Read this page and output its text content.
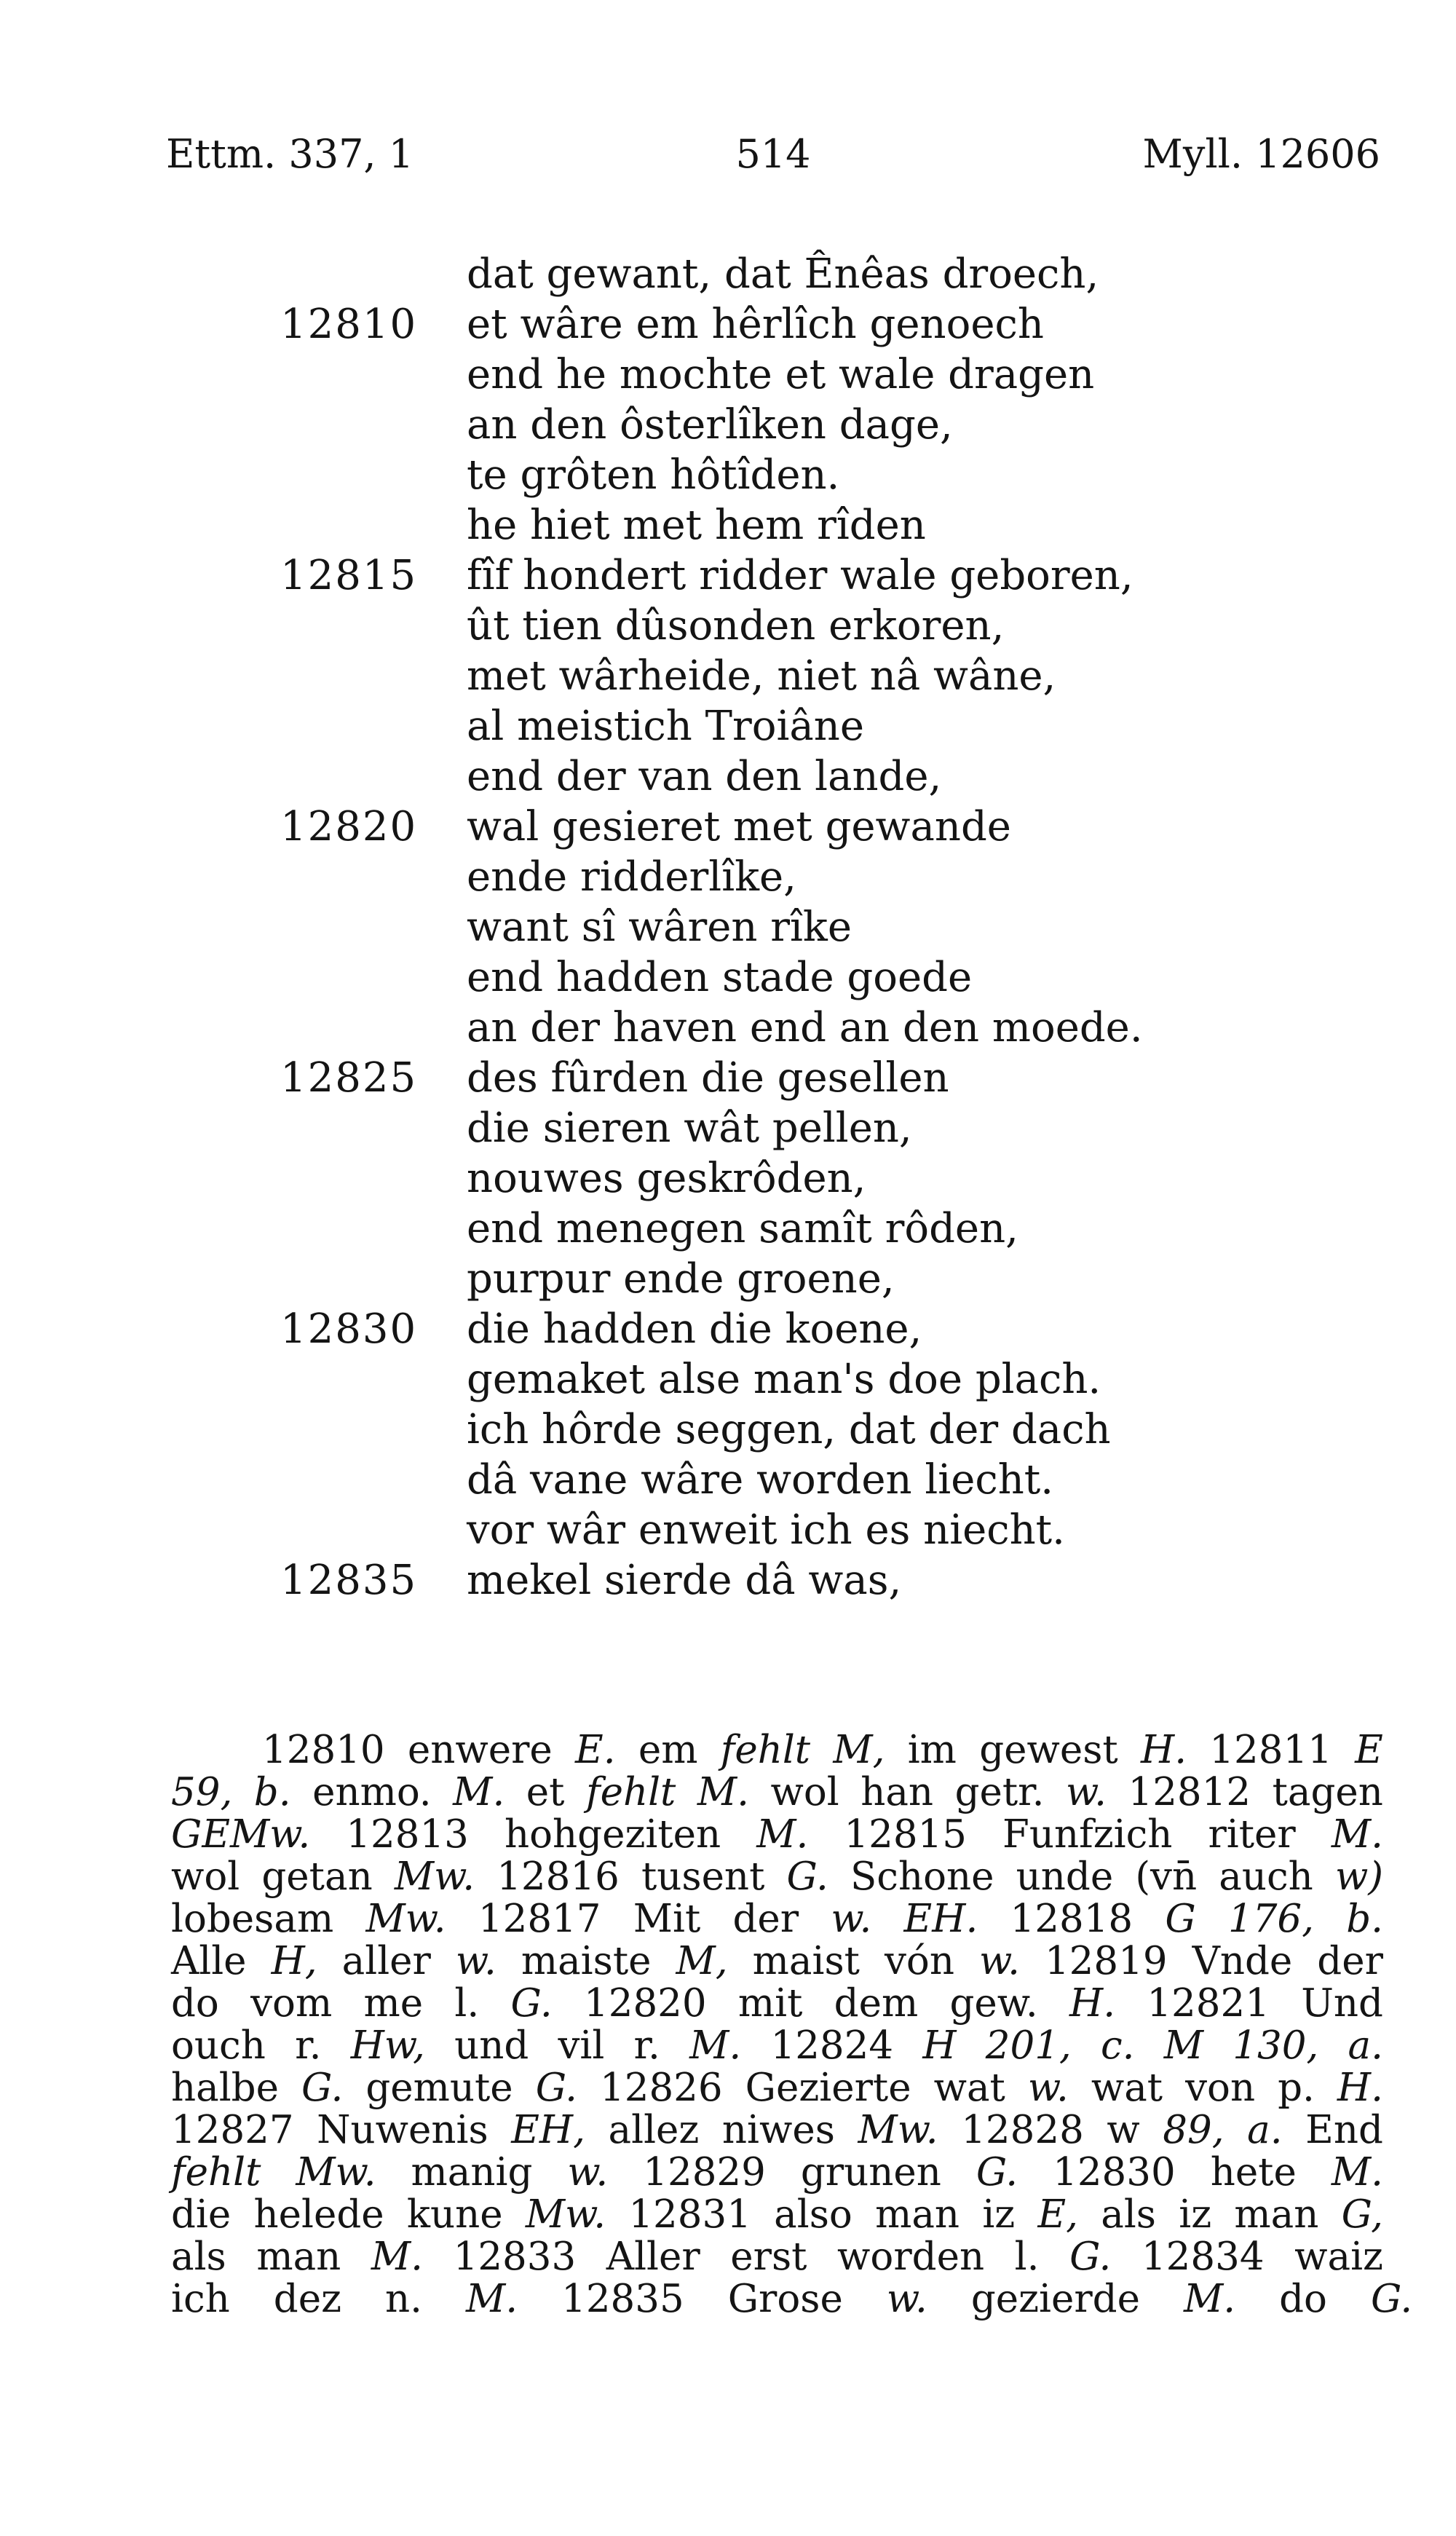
Ettm. 337, 1	514	Myll. 12606
dat gewant, dat Ênêas droech,
12810 et wâre em hêrlîch genoech
end he mochte et wale dragen
an den ôsterlîken dage,
te grôten hôtîden.
he hiet met hem rîden
12815 fîf hondert ridder wale geboren,
ût tien dûsonden erkoren,
met wârheide, niet nâ wâne,
al meistich Troiâne
end der van den lande,
12820 wal gesieret met gewande
ende ridderlîke,
want sî wâren rîke
end hadden stade goede
an der haven end an den moede.
12825 des fûrden die gesellen
die sieren wât pellen,
nouwes geskrôden,
end menegen samît rôden,
purpur ende groene,
12830 die hadden die koene,
gemaket alse man's doe plach.
ich hôrde seggen, dat der dach
dâ vane wâre worden liecht.
vor wâr enweit ich es niecht.
12835 mekel sierde dâ was,
12810 enwere E. em fehlt M, im gewest H. 12811 E
59, b. enmo. M. et fehlt M. wol han getr. w. 12812 tagen
GEMw. 12813 hohgeziten M. 12815 Funfzich riter M.
wol getan Mw. 12816 tusent G. Schone unde (vn̄ auch w)
lobesam Mw. 12817 Mit der w. EH. 12818 G 176, b.
Alle H, aller w. maiste M, maist vón w. 12819 Vnde der
do vom me l. G. 12820 mit dem gew. H. 12821 Und
ouch r. Hw, und vil r. M. 12824 H 201, c. M 130, a.
halbe G. gemute G. 12826 Gezierte wat w. wat von p. H.
12827 Nuwenis EH, allez niwes Mw. 12828 w 89, a. End
fehlt Mw. manig w. 12829 grunen G. 12830 hete M.
die helede kune Mw. 12831 also man iz E, als iz man G,
als man M. 12833 Aller erst worden l. G. 12834 waiz
ich dez n. M. 12835 Grose w. gezierde M. do G.
